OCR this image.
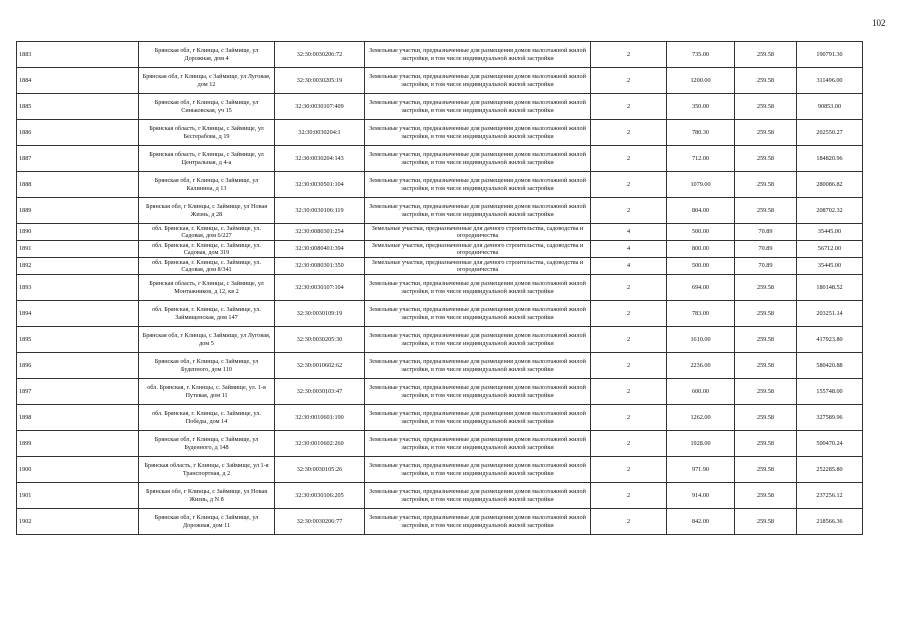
102
1883	Брянская обл, г Клинцы, с Займище, ул Дорожная, дом 4	32:30:0030206:72	Земельные участки, предназначенные для размещения домов малоэтажной жилой застройки, в том числе индивидуальной жилой застройки	2	735.00	259.58	190791.30
1884	Брянская обл, г Клинцы, с Займище, ул Луговая, дом 12	32:30:0030205:19	Земельные участки, предназначенные для размещения домов малоэтажной жилой застройки, в том числе индивидуальной жилой застройки	2	1200.00	259.58	311496.00
1885	Брянская обл, г Клинцы, с Займище, ул Синьковская, уч 15	32:30:0030107:409	Земельные участки, предназначенные для размещения домов малоэтажной жилой застройки, в том числе индивидуальной жилой застройки	2	350.00	259.58	90853.00
1886	Брянская область, г Клинцы, с Займище, ул Бесгерабова, д 19	32:30:0030204:1	Земельные участки, предназначенные для размещения домов малоэтажной жилой застройки, в том числе индивидуальной жилой застройки	2	780.30	259.58	202550.27
1887	Брянская область, г Клинцы, с Займище, ул Центральная, д 4-а	32:30:0030204:143	Земельные участки, предназначенные для размещения домов малоэтажной жилой застройки, в том числе индивидуальной жилой застройки	2	712.00	259.58	184820.96
1888	Брянская обл, г Клинцы, с Займище, ул Калинина, д 13	32:30:0030501:104	Земельные участки, предназначенные для размещения домов малоэтажной жилой застройки, в том числе индивидуальной жилой застройки	2	1079.00	259.58	280086.82
1889	Брянская обл, г Клинцы, с Займище, ул Новая Жизнь, д 28	32:30:0030106:119	Земельные участки, предназначенные для размещения домов малоэтажной жилой застройки, в том числе индивидуальной жилой застройки	2	804.00	259.58	208702.32
1890	обл. Брянская, г. Клинцы, с. Займище, ул. Садовая, дом 6/227	32:30:0080301:254	Земельные участки, предназначенные для дачного строительства, садоводства и огородничества	4	500.00	70.89	35445.00
1891	обл. Брянская, г. Клинцы, с. Займище, ул. Садовая, дом 319	32:30:0080401:394	Земельные участки, предназначенные для дачного строительства, садоводства и огородничества	4	800.00	70.89	56712.00
1892	обл. Брянская, г. Клинцы, с. Займище, ул. Садовая, дом 8/341	32:30:0080301:350	Земельные участки, предназначенные для дачного строительства, садоводства и огородничества	4	500.00	70.89	35445.00
1893	Брянская область, г Клинцы, с Займище, ул Монтажников, д 12, кв 2	32:30:0030107:104	Земельные участки, предназначенные для размещения домов малоэтажной жилой застройки, в том числе индивидуальной жилой застройки	2	694.00	259.58	180148.52
1894	обл. Брянская, г. Клинцы, с. Займище, ул. Займищенская, дом 147	32:30:0030109:19	Земельные участки, предназначенные для размещения домов малоэтажной жилой застройки, в том числе индивидуальной жилой застройки	2	783.00	259.58	203251.14
1895	Брянская обл, г Клинцы, с Займище, ул Луговая, дом 5	32:30:0030205:30	Земельные участки, предназначенные для размещения домов малоэтажной жилой застройки, в том числе индивидуальной жилой застройки	2	1610.00	259.58	417923.80
1896	Брянская обл, г Клинцы, с Займище, ул Будепного, дом 110	32:30:0010602:62	Земельные участки, предназначенные для размещения домов малоэтажной жилой застройки, в том числе индивидуальной жилой застройки	2	2236.00	259.58	580420.88
1897	обл. Брянская, г. Клинцы, с. Займище, ул. 1-я Путевая, дом 11	32:30:0030103:47	Земельные участки, предназначенные для размещения домов малоэтажной жилой застройки, в том числе индивидуальной жилой застройки	2	600.00	259.58	155748.00
1898	обл. Брянская, г. Клинцы, с. Займище, ул. Победы, дом 14	32:30:0010601:190	Земельные участки, предназначенные для размещения домов малоэтажной жилой застройки, в том числе индивидуальной жилой застройки	2	1262.00	259.58	327589.96
1899	Брянская обл, г Клинцы, с Займище, ул Буденного, д 148	32:30:0010602:260	Земельные участки, предназначенные для размещения домов малоэтажной жилой застройки, в том числе индивидуальной жилой застройки	2	1928.00	259.58	500470.24
1900	Брянская область, г Клинцы, с Займище, ул 1-я Транспортная, д 2	32:30:0030105:26	Земельные участки, предназначенные для размещения домов малоэтажной жилой застройки, в том числе индивидуальной жилой застройки	2	971.90	259.58	252285.80
1901	Брянская обл, г Клинцы, с Займище, ул Новая Жизнь, д N 8	32:30:0030106:205	Земельные участки, предназначенные для размещения домов малоэтажной жилой застройки, в том числе индивидуальной жилой застройки	2	914.00	259.58	237256.12
1902	Брянская обл, г Клинцы, с Займище, ул Дорожная, дом 11	32:30:0030206:77	Земельные участки, предназначенные для размещения домов малоэтажной жилой застройки, в том числе индивидуальной жилой застройки	2	842.00	259.58	218566.36
